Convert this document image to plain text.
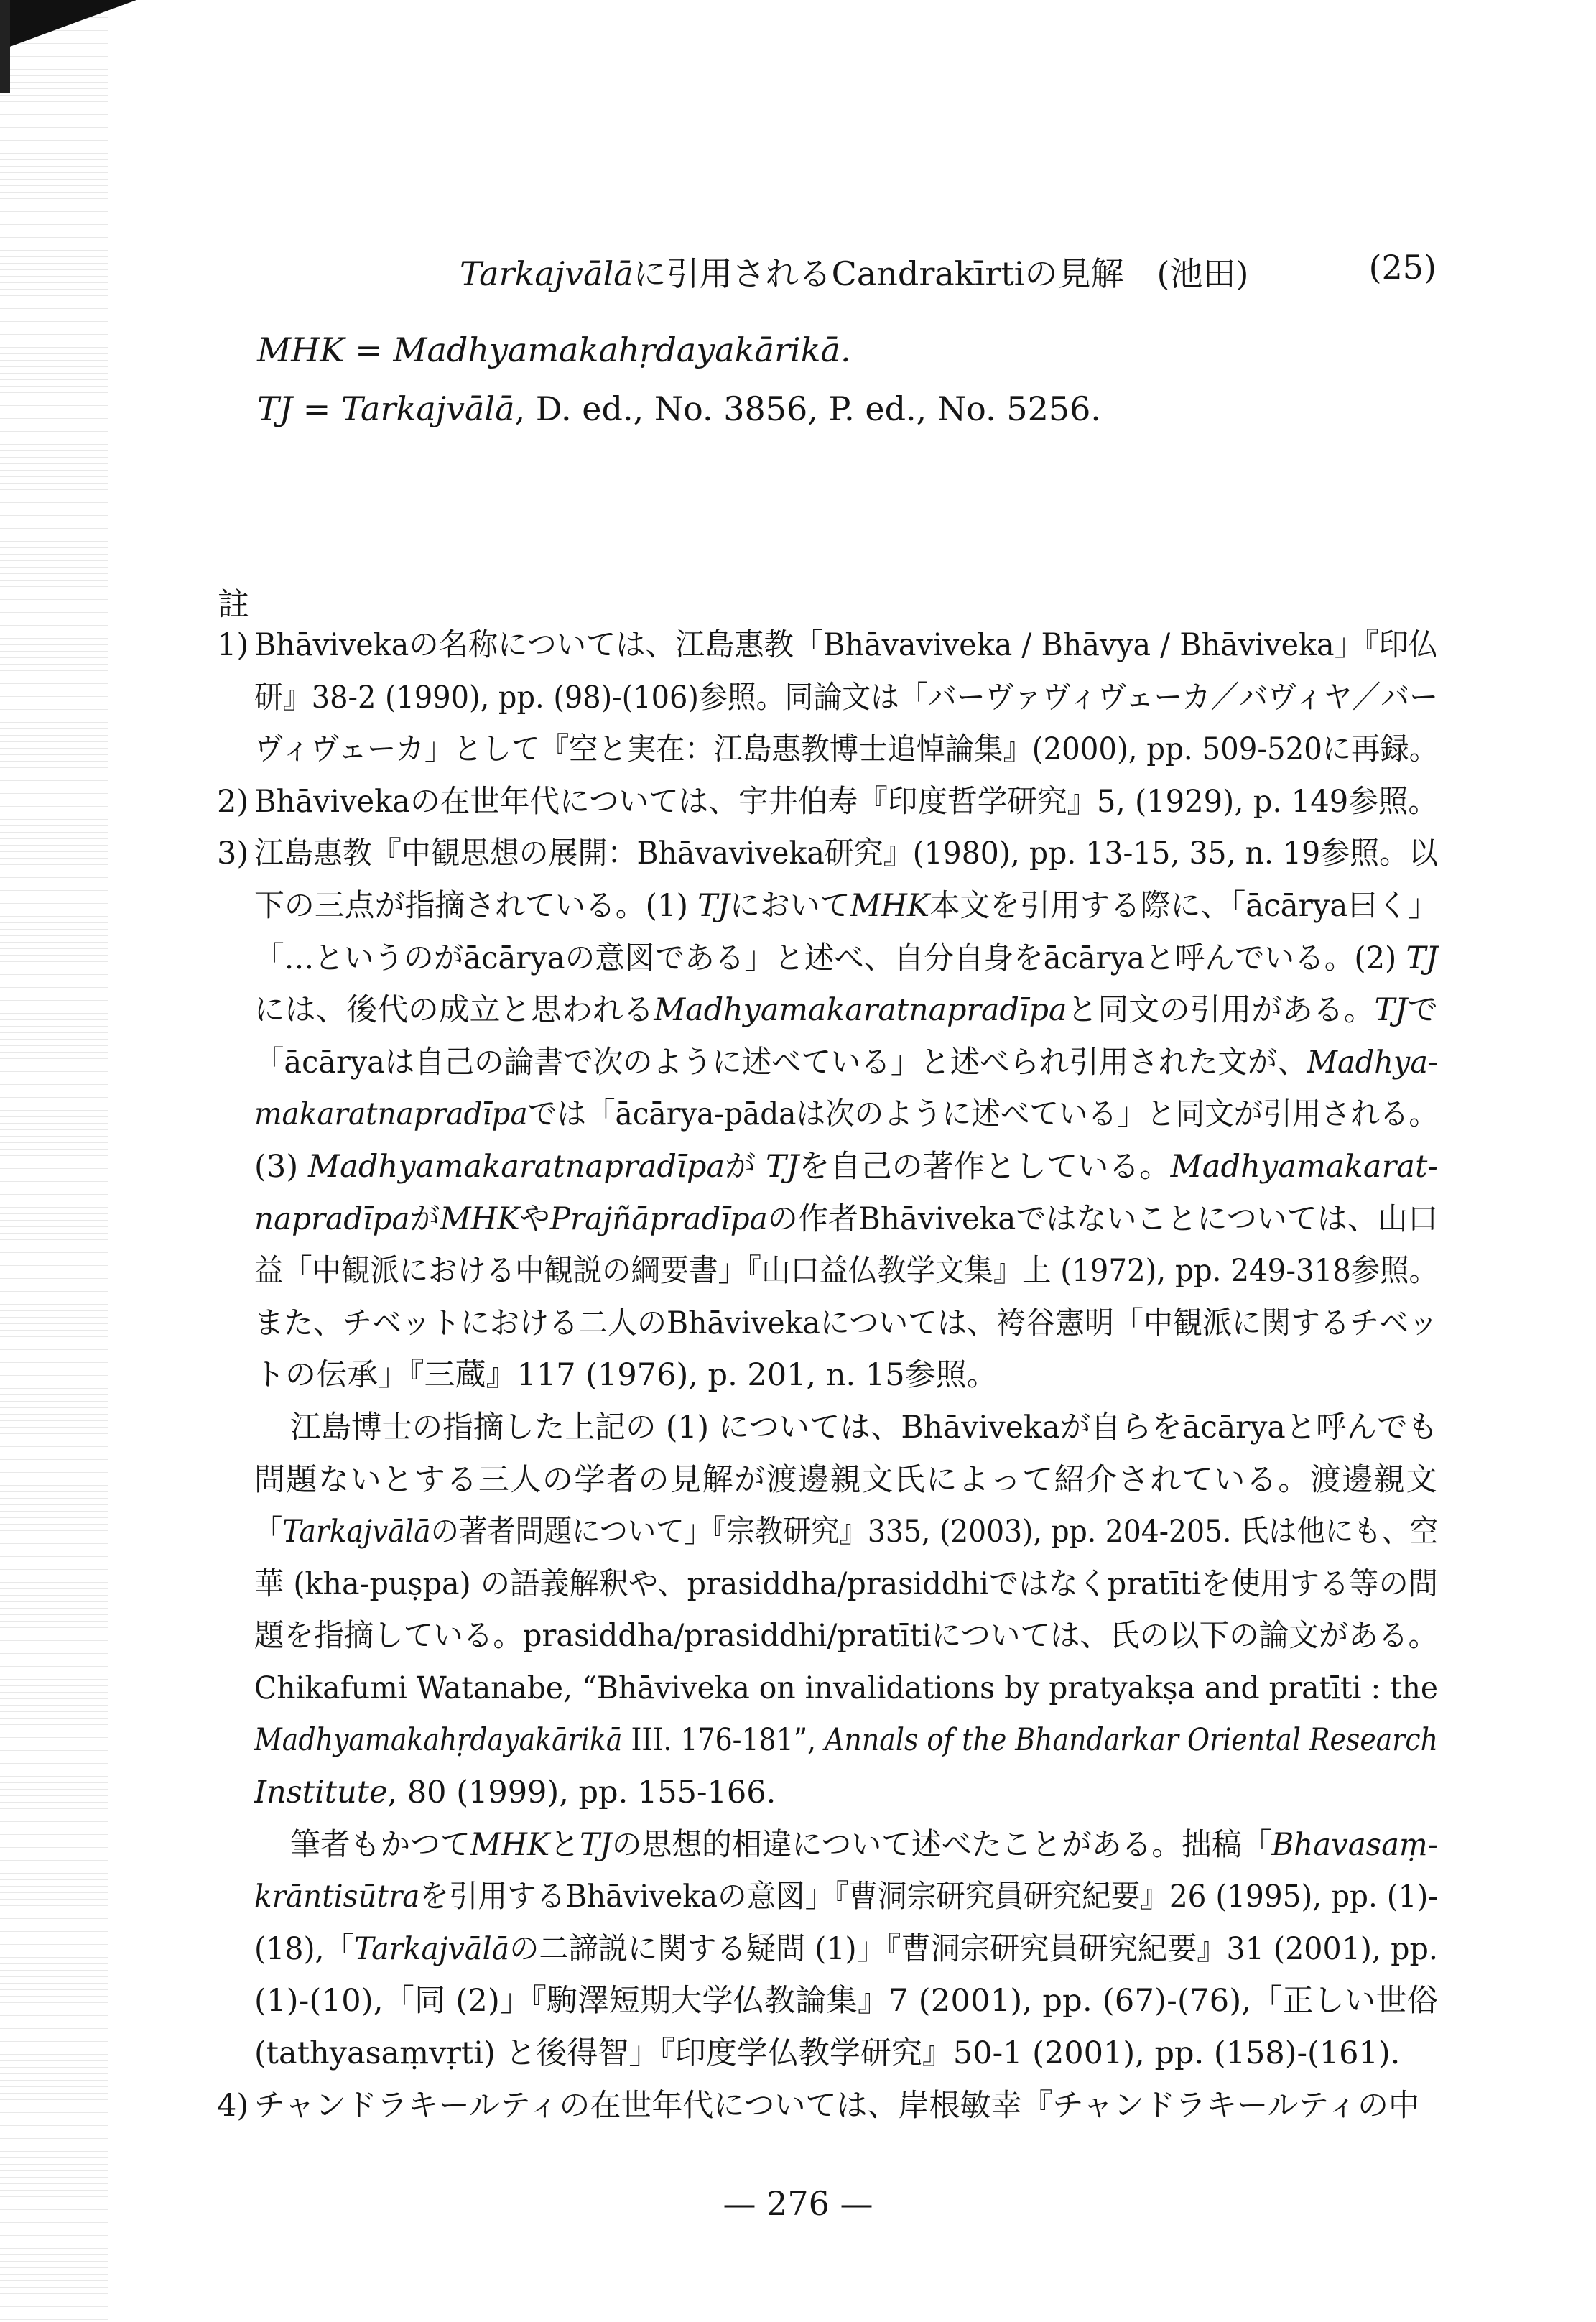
Tarkajvālāに引用されるCandrakīrtiの見解　(池田)	(25)
MHK = Madhyamakahṛdayakārikā.
TJ = Tarkajvālā, D. ed., No. 3856, P. ed., No. 5256.
註
1) Bhāvivekaの名称については、江島惠教「Bhāvaviveka / Bhāvya / Bhāviveka」『印仏
研』38-2 (1990), pp. (98)-(106)参照。同論文は「バーヴァヴィヴェーカ／バヴィヤ／バー
ヴィヴェーカ」として『空と実在：江島惠教博士追悼論集』(2000), pp. 509-520に再録。
2) Bhāvivekaの在世年代については、宇井伯寿『印度哲学研究』5, (1929), p. 149参照。
3) 江島惠教『中観思想の展開：Bhāvaviveka研究』(1980), pp. 13-15, 35, n. 19参照。以
下の三点が指摘されている。(1) TJにおいてMHK本文を引用する際に、「ācārya曰く」
「…というのがācāryaの意図である」と述べ、自分自身をācāryaと呼んでいる。(2) TJ
には、後代の成立と思われるMadhyamakaratnapradīpaと同文の引用がある。TJで
「ācāryaは自己の論書で次のように述べている」と述べられ引用された文が、Madhya-
makaratnapradīpaでは「ācārya-pādaは次のように述べている」と同文が引用される。
(3) Madhyamakaratnapradīpaが TJを自己の著作としている。Madhyamakarat-
napradīpaがMHKやPrajñāpradīpaの作者Bhāvivekaではないことについては、山口
益「中観派における中観説の綱要書」『山口益仏教学文集』上 (1972), pp. 249-318参照。
また、チベットにおける二人のBhāvivekaについては、袴谷憲明「中観派に関するチベッ
トの伝承」『三蔵』117 (1976), p. 201, n. 15参照。
江島博士の指摘した上記の (1) については、Bhāvivekaが自らをācāryaと呼んでも
問題ないとする三人の学者の見解が渡邊親文氏によって紹介されている。渡邊親文
「Tarkajvālāの著者問題について」『宗教研究』335, (2003), pp. 204-205. 氏は他にも、空
華 (kha-puṣpa) の語義解釈や、prasiddha/prasiddhiではなくpratītiを使用する等の問
題を指摘している。prasiddha/prasiddhi/pratītiについては、氏の以下の論文がある。
Chikafumi Watanabe, “Bhāviveka on invalidations by pratyakṣa and pratīti : the
Madhyamakahṛdayakārikā III. 176-181”, Annals of the Bhandarkar Oriental Research
Institute, 80 (1999), pp. 155-166.
筆者もかつてMHKとTJの思想的相違について述べたことがある。拙稿「Bhavasaṃ-
krāntisūtraを引用するBhāvivekaの意図」『曹洞宗研究員研究紀要』26 (1995), pp. (1)-
(18),「Tarkajvālāの二諦説に関する疑問 (1)」『曹洞宗研究員研究紀要』31 (2001), pp.
(1)-(10),「同 (2)」『駒澤短期大学仏教論集』7 (2001), pp. (67)-(76),「正しい世俗
(tathyasaṃvṛti) と後得智」『印度学仏教学研究』50-1 (2001), pp. (158)-(161).
4) チャンドラキールティの在世年代については、岸根敏幸『チャンドラキールティの中
— 276 —
